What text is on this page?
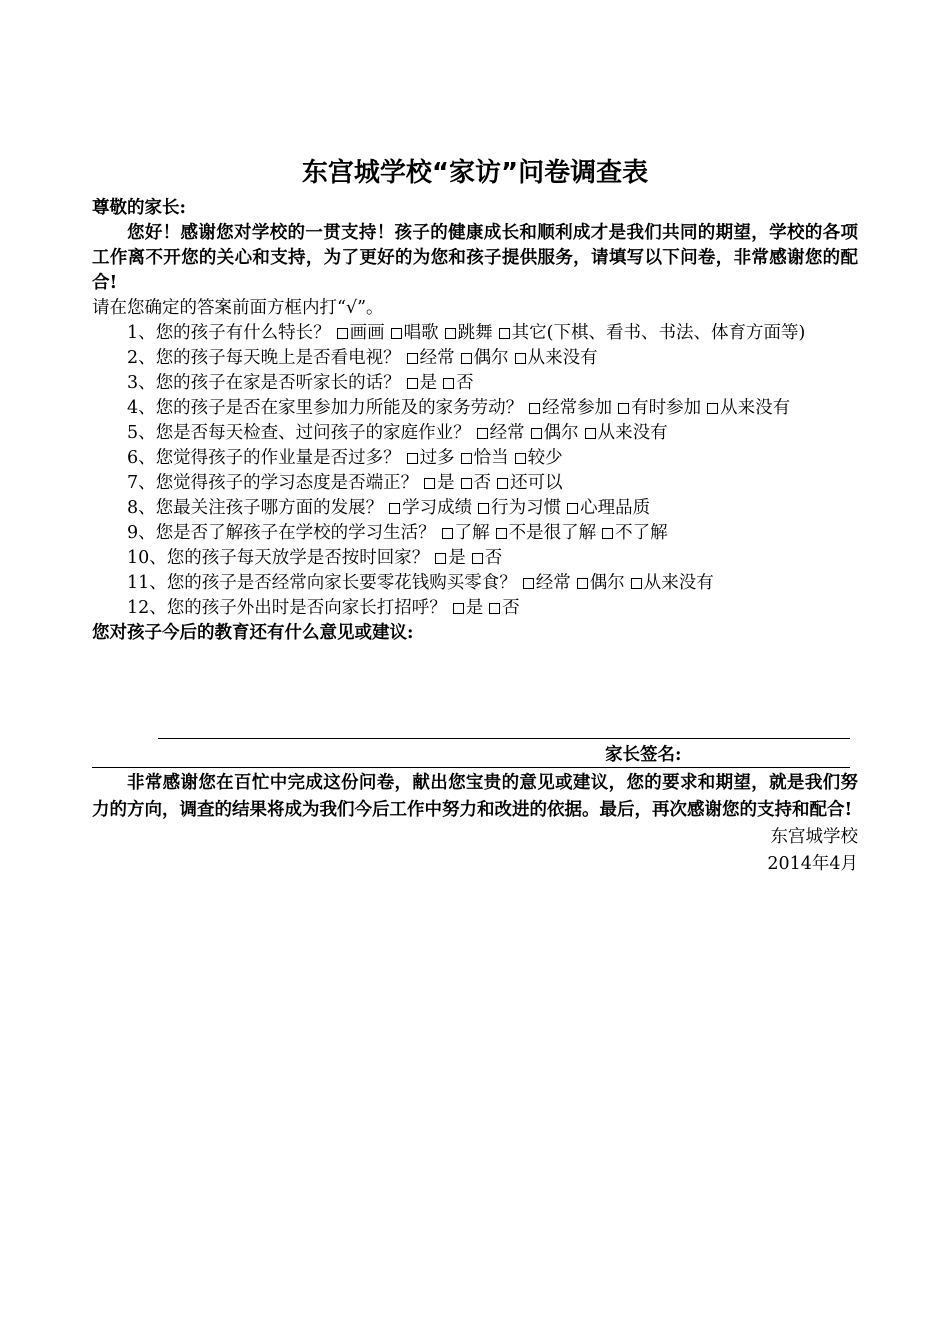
东宫城学校“家访”问卷调查表

尊敬的家长:

您好！感谢您对学校的一贯支持！孩子的健康成长和顺利成才是我们共同的期望，学校的各项工作离不开您的关心和支持，为了更好的为您和孩子提供服务，请填写以下问卷，非常感谢您的配合!

请在您确定的答案前面方框内打“√”。

1、您的孩子有什么特长？ 画画 唱歌 跳舞 其它(下棋、看书、书法、体育方面等)

2、您的孩子每天晚上是否看电视？ 经常 偶尔 从来没有

3、您的孩子在家是否听家长的话？ 是 否

4、您的孩子是否在家里参加力所能及的家务劳动？ 经常参加 有时参加 从来没有

5、您是否每天检查、过问孩子的家庭作业？ 经常 偶尔 从来没有

6、您觉得孩子的作业量是否过多？ 过多 恰当 较少

7、您觉得孩子的学习态度是否端正？ 是 否 还可以

8、您最关注孩子哪方面的发展？ 学习成绩 行为习惯 心理品质

9、您是否了解孩子在学校的学习生活？ 了解 不是很了解 不了解

10、您的孩子每天放学是否按时回家？ 是 否

11、您的孩子是否经常向家长要零花钱购买零食？ 经常 偶尔 从来没有

12、您的孩子外出时是否向家长打招呼？ 是 否

您对孩子今后的教育还有什么意见或建议:

家长签名:

非常感谢您在百忙中完成这份问卷，献出您宝贵的意见或建议，您的要求和期望，就是我们努力的方向，调查的结果将成为我们今后工作中努力和改进的依据。最后，再次感谢您的支持和配合!

东宫城学校
2014年4月
